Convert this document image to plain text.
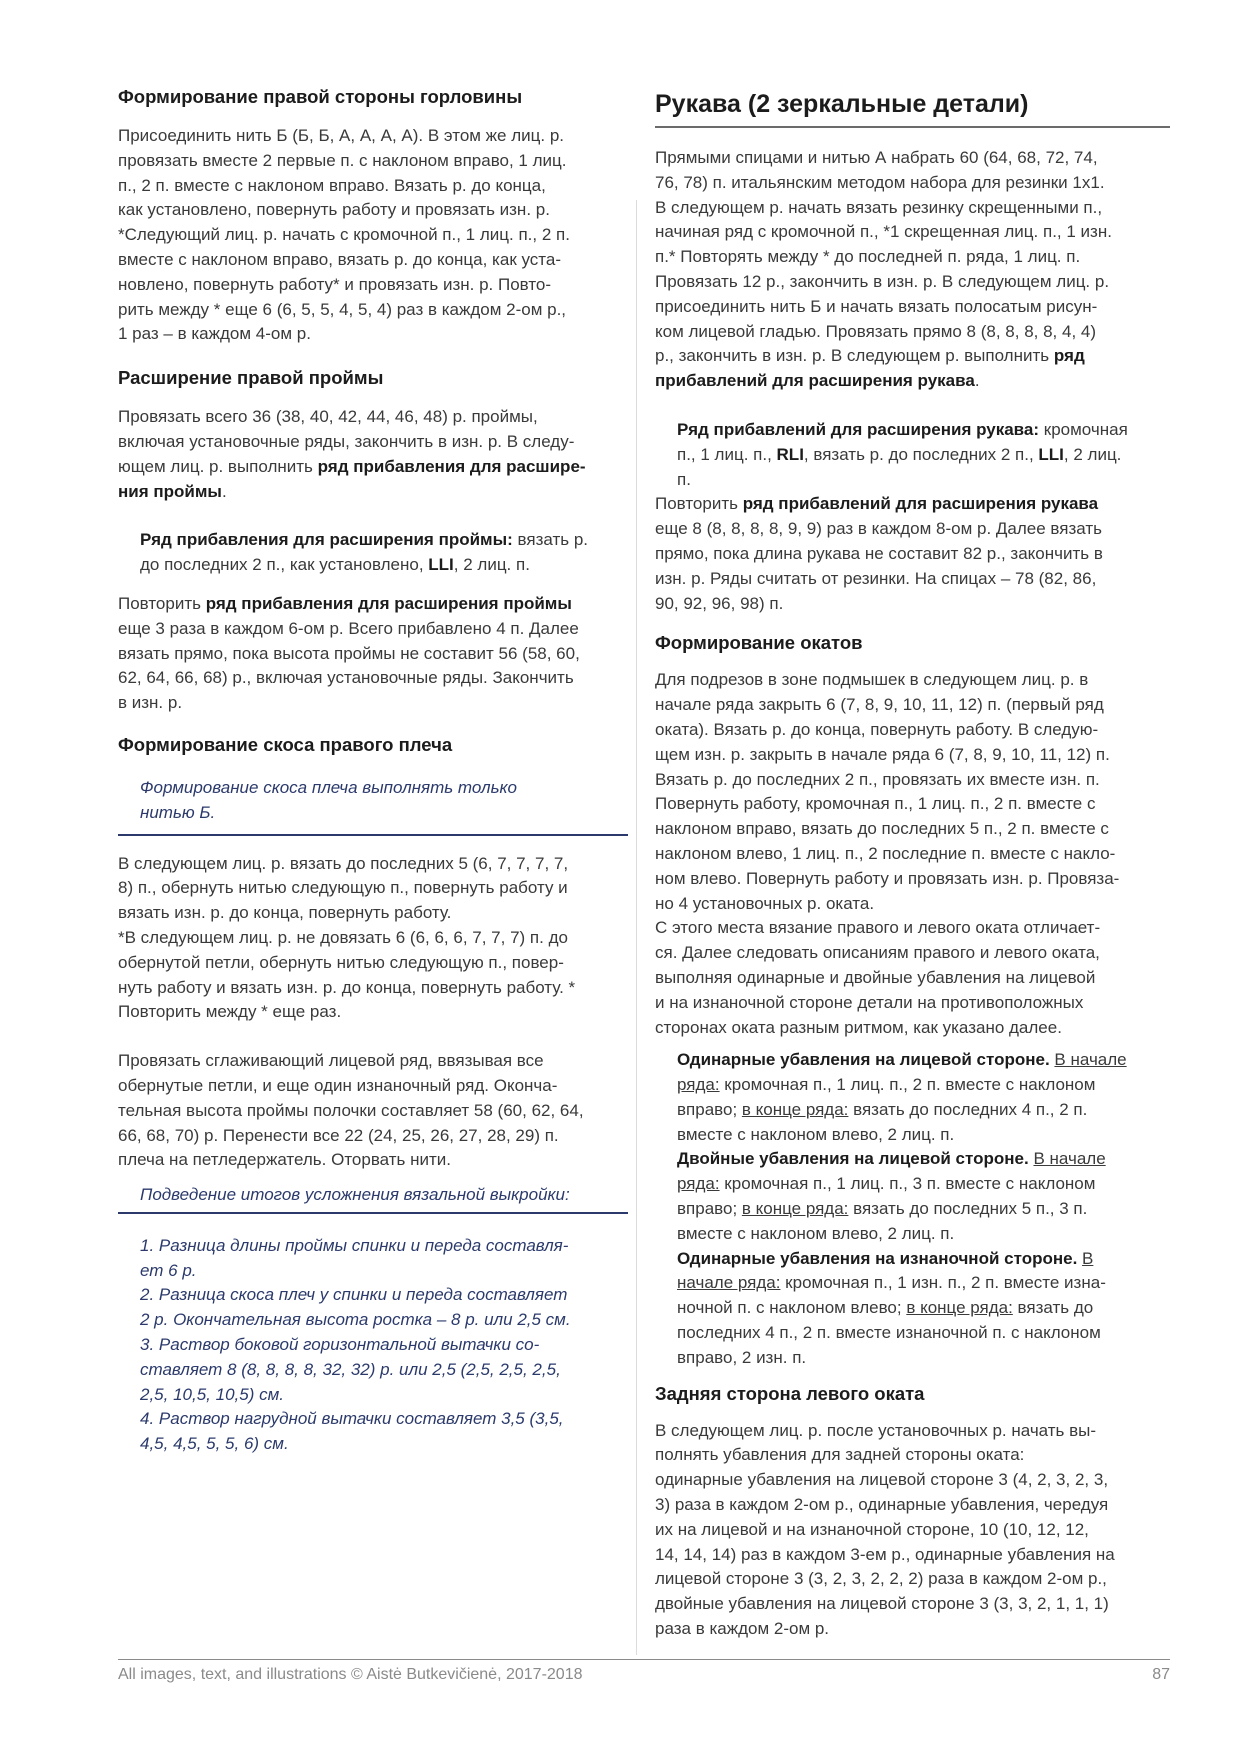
Формирование правой стороны горловины

Присоединить нить Б (Б, Б, А, А, А, А). В этом же лиц. р.
провязать вместе 2 первые п. с наклоном вправо, 1 лиц.
п., 2 п. вместе с наклоном вправо. Вязать р. до конца,
как установлено, повернуть работу и провязать изн. р.
*Следующий лиц. р. начать с кромочной п., 1 лиц. п., 2 п.
вместе с наклоном вправо, вязать р. до конца, как уста-
новлено, повернуть работу* и провязать изн. р. Повто-
рить между * еще 6 (6, 5, 5, 4, 5, 4) раз в каждом 2-ом р.,
1 раз – в каждом 4-ом р.

Расширение правой проймы

Провязать всего 36 (38, 40, 42, 44, 46, 48) р. проймы,
включая установочные ряды, закончить в изн. р. В следу-
ющем лиц. р. выполнить ряд прибавления для расшире-
ния проймы.

Ряд прибавления для расширения проймы: вязать р.
до последних 2 п., как установлено, LLI, 2 лиц. п.

Повторить ряд прибавления для расширения проймы
еще 3 раза в каждом 6-ом р. Всего прибавлено 4 п. Далее
вязать прямо, пока высота проймы не составит 56 (58, 60,
62, 64, 66, 68) р., включая установочные ряды. Закончить
в изн. р.

Формирование скоса правого плеча

Формирование скоса плеча выполнять только
нитью Б.

В следующем лиц. р. вязать до последних 5 (6, 7, 7, 7, 7,
8) п., обернуть нитью следующую п., повернуть работу и
вязать изн. р. до конца, повернуть работу.
*В следующем лиц. р. не довязать 6 (6, 6, 6, 7, 7, 7) п. до
обернутой петли, обернуть нитью следующую п., повер-
нуть работу и вязать изн. р. до конца, повернуть работу. *
Повторить между * еще раз.

Провязать сглаживающий лицевой ряд, ввязывая все
обернутые петли, и еще один изнаночный ряд. Оконча-
тельная высота проймы полочки составляет 58 (60, 62, 64,
66, 68, 70) р. Перенести все 22 (24, 25, 26, 27, 28, 29) п.
плеча на петледержатель. Оторвать нити.

Подведение итогов усложнения вязальной выкройки:

1. Разница длины проймы спинки и переда составля-
ет 6 р.

2. Разница скоса плеч у спинки и переда составляет
2 р. Окончательная высота ростка – 8 р. или 2,5 см.

3. Раствор боковой горизонтальной вытачки со-
ставляет 8 (8, 8, 8, 8, 32, 32) р. или 2,5 (2,5, 2,5, 2,5,
2,5, 10,5, 10,5) см.

4. Раствор нагрудной вытачки составляет 3,5 (3,5,
4,5, 4,5, 5, 5, 6) см.

Рукава (2 зеркальные детали)

Прямыми спицами и нитью А набрать 60 (64, 68, 72, 74,
76, 78) п. итальянским методом набора для резинки 1x1.
В следующем р. начать вязать резинку скрещенными п.,
начиная ряд с кромочной п., *1 скрещенная лиц. п., 1 изн.
п.* Повторять между * до последней п. ряда, 1 лиц. п.
Провязать 12 р., закончить в изн. р. В следующем лиц. р.
присоединить нить Б и начать вязать полосатым рисун-
ком лицевой гладью. Провязать прямо 8 (8, 8, 8, 8, 4, 4)
р., закончить в изн. р. В следующем р. выполнить ряд
прибавлений для расширения рукава.

Ряд прибавлений для расширения рукава: кромочная
п., 1 лиц. п., RLI, вязать р. до последних 2 п., LLI, 2 лиц.
п.

Повторить ряд прибавлений для расширения рукава
еще 8 (8, 8, 8, 8, 9, 9) раз в каждом 8-ом р. Далее вязать
прямо, пока длина рукава не составит 82 р., закончить в
изн. р. Ряды считать от резинки. На спицах – 78 (82, 86,
90, 92, 96, 98) п.

Формирование окатов

Для подрезов в зоне подмышек в следующем лиц. р. в
начале ряда закрыть 6 (7, 8, 9, 10, 11, 12) п. (первый ряд
оката). Вязать р. до конца, повернуть работу. В следую-
щем изн. р. закрыть в начале ряда 6 (7, 8, 9, 10, 11, 12) п.
Вязать р. до последних 2 п., провязать их вместе изн. п.
Повернуть работу, кромочная п., 1 лиц. п., 2 п. вместе с
наклоном вправо, вязать до последних 5 п., 2 п. вместе с
наклоном влево, 1 лиц. п., 2 последние п. вместе с накло-
ном влево. Повернуть работу и провязать изн. р. Провяза-
но 4 установочных р. оката.
С этого места вязание правого и левого оката отличает-
ся. Далее следовать описаниям правого и левого оката,
выполняя одинарные и двойные убавления на лицевой
и на изнаночной стороне детали на противоположных
сторонах оката разным ритмом, как указано далее.

Одинарные убавления на лицевой стороне. В начале
ряда: кромочная п., 1 лиц. п., 2 п. вместе с наклоном
вправо; в конце ряда: вязать до последних 4 п., 2 п.
вместе с наклоном влево, 2 лиц. п.

Двойные убавления на лицевой стороне. В начале
ряда: кромочная п., 1 лиц. п., 3 п. вместе с наклоном
вправо; в конце ряда: вязать до последних 5 п., 3 п.
вместе с наклоном влево, 2 лиц. п.

Одинарные убавления на изнаночной стороне. В
начале ряда: кромочная п., 1 изн. п., 2 п. вместе изна-
ночной п. с наклоном влево; в конце ряда: вязать до
последних 4 п., 2 п. вместе изнаночной п. с наклоном
вправо, 2 изн. п.

Задняя сторона левого оката

В следующем лиц. р. после установочных р. начать вы-
полнять убавления для задней стороны оката:
одинарные убавления на лицевой стороне 3 (4, 2, 3, 2, 3,
3) раза в каждом 2-ом р., одинарные убавления, чередуя
их на лицевой и на изнаночной стороне, 10 (10, 12, 12,
14, 14, 14) раз в каждом 3-ем р., одинарные убавления на
лицевой стороне 3 (3, 2, 3, 2, 2, 2) раза в каждом 2-ом р.,
двойные убавления на лицевой стороне 3 (3, 3, 2, 1, 1, 1)
раза в каждом 2-ом р.

All images, text, and illustrations © Aistė Butkevičienė, 2017-2018	87
